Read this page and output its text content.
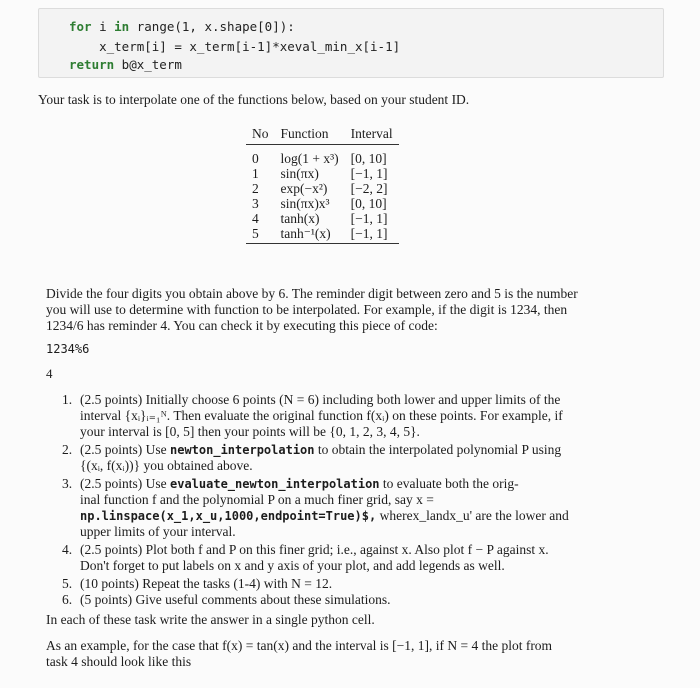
for i in range(1, x.shape[0]):
x_term[i] = x_term[i-1]*xeval_min_x[i-1]
return b@x_term
Your task is to interpolate one of the functions below, based on your student ID.
No	Function	Interval
0	log(1 + x³)	[0, 10]
1	sin(πx)	[−1, 1]
2	exp(−x²)	[−2, 2]
3	sin(πx)x³	[0, 10]
4	tanh(x)	[−1, 1]
5	tanh⁻¹(x)	[−1, 1]
Divide the four digits you obtain above by 6. The reminder digit between zero and 5 is the number
you will use to determine with function to be interpolated. For example, if the digit is 1234, then
1234/6 has reminder 4. You can check it by executing this piece of code:
1234%6
4
1. (2.5 points) Initially choose 6 points (N = 6) including both lower and upper limits of the
interval {xᵢ}ᵢ₌₁ᴺ. Then evaluate the original function f(xᵢ) on these points. For example, if
your interval is [0, 5] then your points will be {0, 1, 2, 3, 4, 5}.
2. (2.5 points) Use newton_interpolation to obtain the interpolated polynomial P using
{(xᵢ, f(xᵢ))} you obtained above.
3. (2.5 points) Use evaluate_newton_interpolation to evaluate both the orig-
inal function f and the polynomial P on a much finer grid, say x =
np.linspace(x_1,x_u,1000,endpoint=True)$, wherex_landx_u' are the lower and
upper limits of your interval.
4. (2.5 points) Plot both f and P on this finer grid; i.e., against x. Also plot f − P against x.
Don't forget to put labels on x and y axis of your plot, and add legends as well.
5. (10 points) Repeat the tasks (1-4) with N = 12.
6. (5 points) Give useful comments about these simulations.
In each of these task write the answer in a single python cell.
As an example, for the case that f(x) = tan(x) and the interval is [−1, 1], if N = 4 the plot from
task 4 should look like this
